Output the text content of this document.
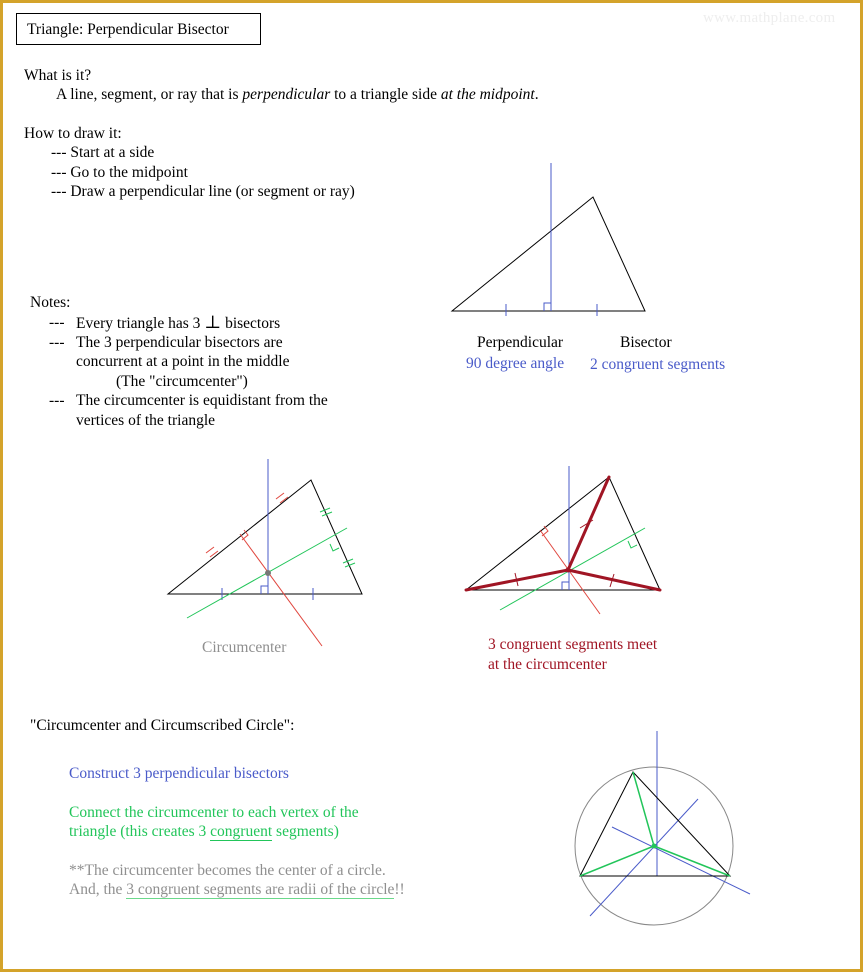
Triangle: Perpendicular Bisector
www.mathplane.com
What is it?
A line, segment, or ray that is perpendicular to a triangle side at the midpoint.
How to draw it:
--- Start at a side
--- Go to the midpoint
--- Draw a perpendicular line (or segment or ray)
Notes:
--- Every triangle has 3 ⊥ bisectors
--- The 3 perpendicular bisectors are
concurrent at a point in the middle
(The "circumcenter")
--- The circumcenter is equidistant from the
vertices of the triangle
Perpendicular
90 degree angle
Bisector
2 congruent segments
Circumcenter	3 congruent segments meet
at the circumcenter
"Circumcenter and Circumscribed Circle":
Construct 3 perpendicular bisectors
Connect the circumcenter to each vertex of the
triangle (this creates 3 congruent segments)
**The circumcenter becomes the center of a circle.
And, the 3 congruent segments are radii of the circle!!
